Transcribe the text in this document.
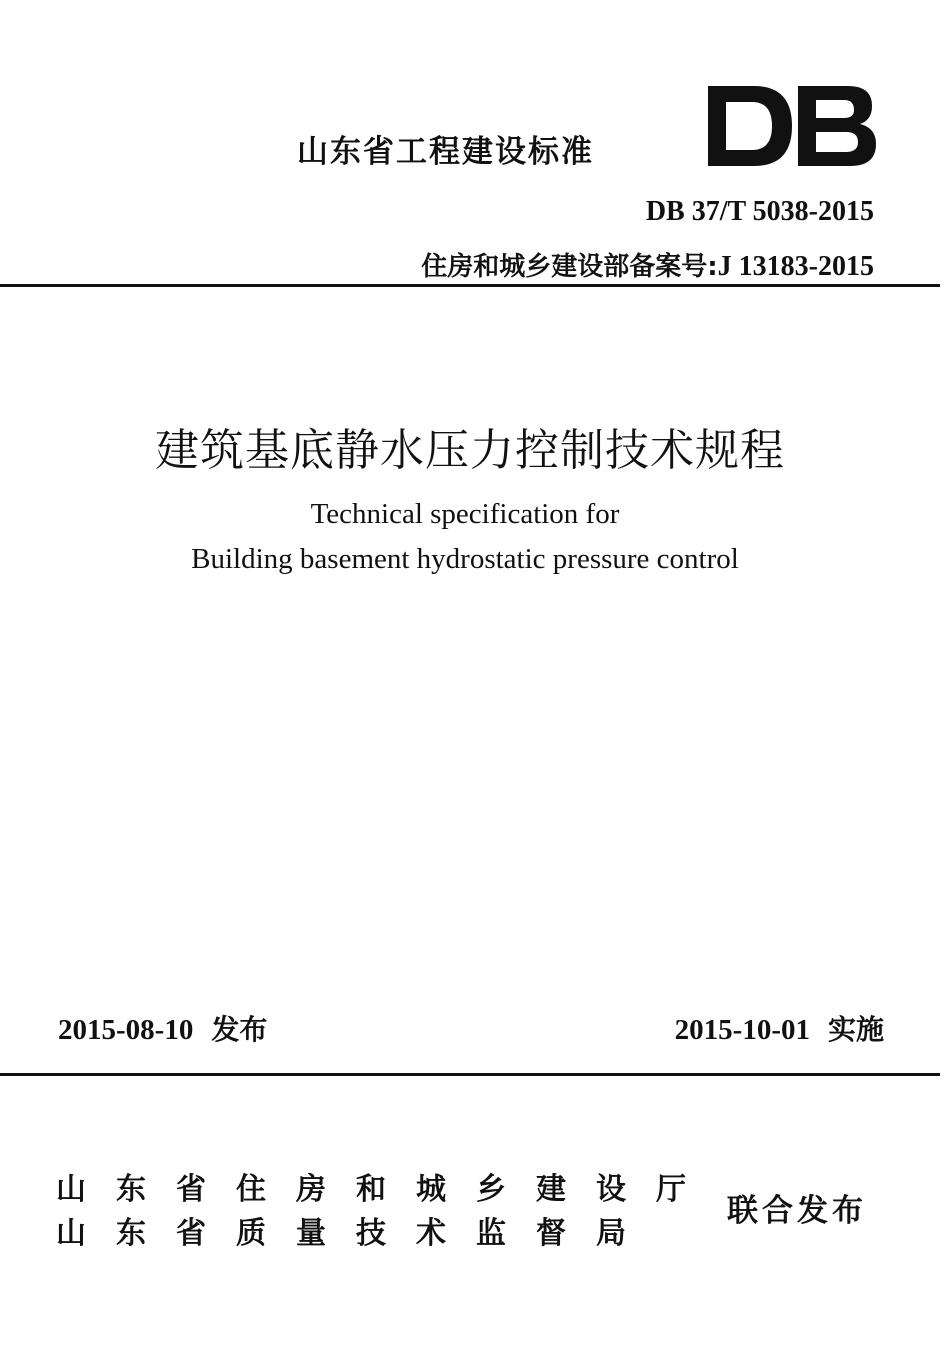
山东省工程建设标准
DB 37/T 5038-2015
住房和城乡建设部备案号:J 13183-2015
建筑基底静水压力控制技术规程
Technical specification for
Building basement hydrostatic pressure control
2015-08-10 发布	2015-10-01 实施
山东省住房和城乡建设厅
山东省质量技术监督局
联合发布
